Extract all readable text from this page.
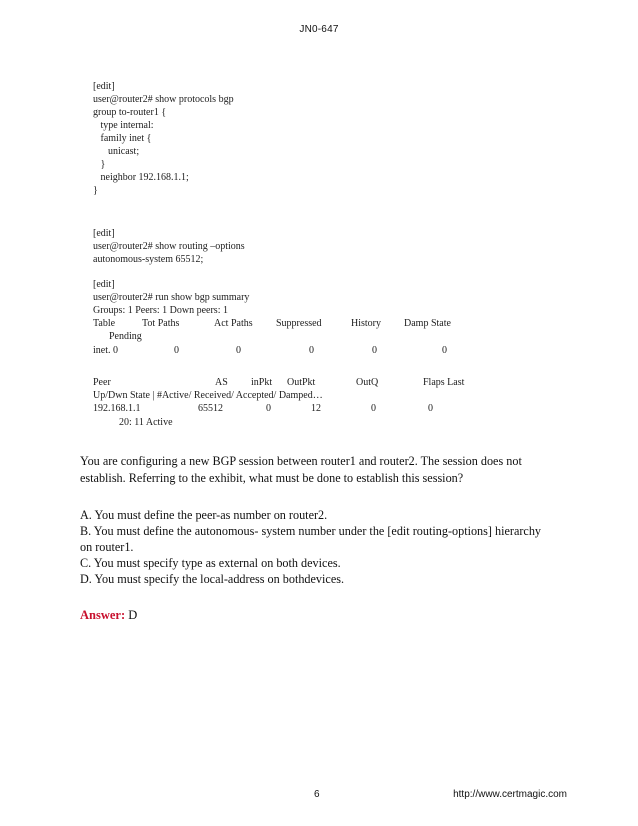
JN0-647
[edit]
user@router2# show protocols bgp
group to-router1 {
type internal:
family inet {
unicast;
}
neighbor 192.168.1.1;
}
[edit]
user@router2# show routing –options
autonomous-system 65512;
[edit]
user@router2# run show bgp summary
Groups: 1 Peers: 1 Down peers: 1
Table	Tot Paths	Act Paths Suppressed	History Damp State
Pending
inet. 0	0	0	0	0	0
Peer	AS inPkt OutPkt	OutQ	Flaps Last
Up/Dwn State | #Active/ Received/ Accepted/ Damped…
192.168.1.1	65512	0	12	0	0
20: 11 Active
You are configuring a new BGP session between router1 and router2. The session does not establish. Referring to the exhibit, what must be done to establish this session?
A. You must define the peer-as number on router2.
B. You must define the autonomous- system number under the [edit routing-options] hierarchy on router1.
C. You must specify type as external on both devices.
D. You must specify the local-address on bothdevices.
Answer: D
6	http://www.certmagic.com
